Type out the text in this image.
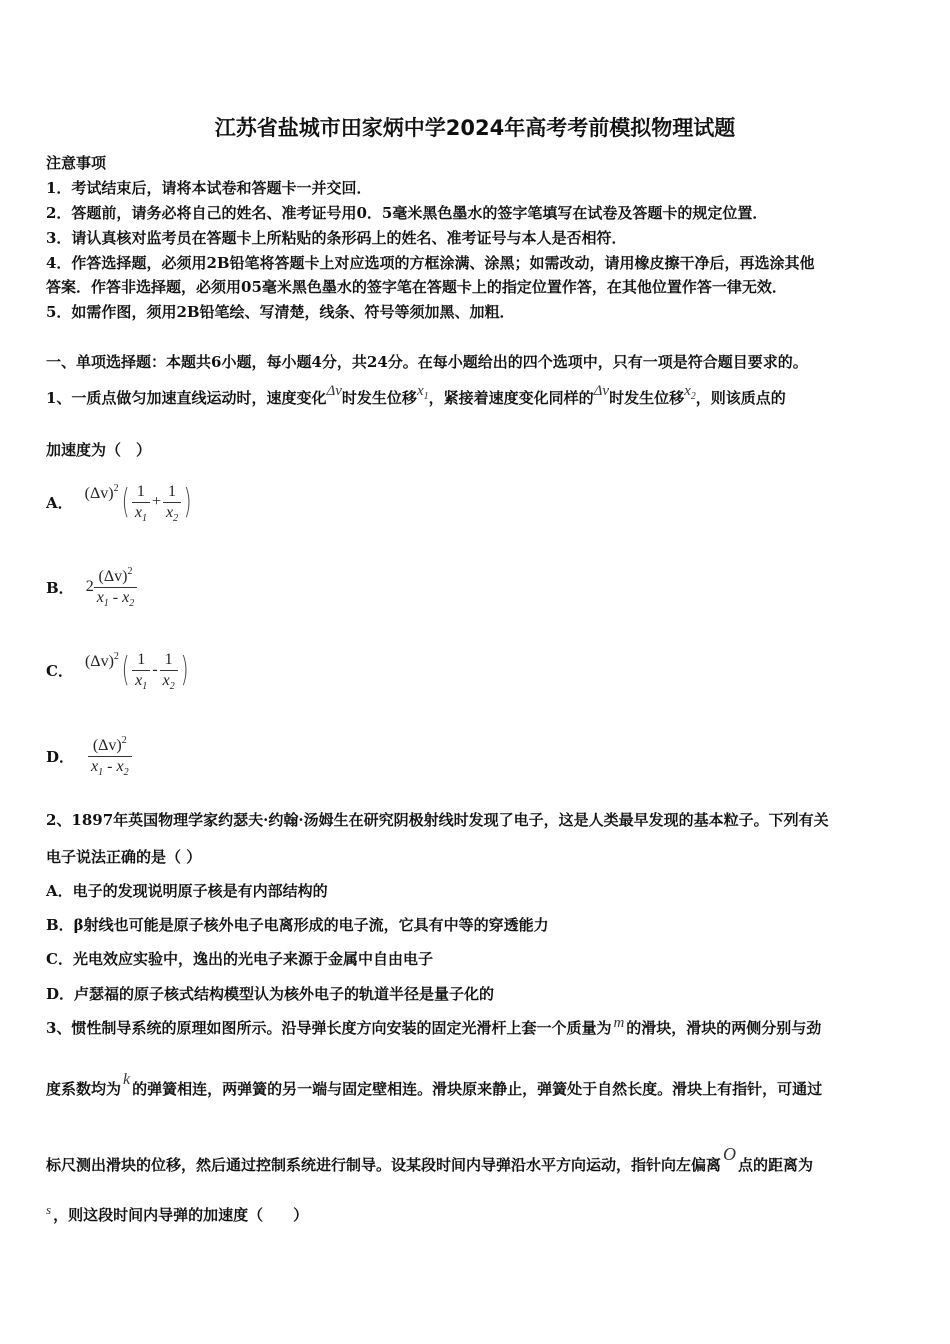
江苏省盐城市田家炳中学2024年高考考前模拟物理试题
注意事项
1．考试结束后，请将本试卷和答题卡一并交回．
2．答题前，请务必将自己的姓名、准考证号用0．5毫米黑色墨水的签字笔填写在试卷及答题卡的规定位置．
3．请认真核对监考员在答题卡上所粘贴的条形码上的姓名、准考证号与本人是否相符．
4．作答选择题，必须用2B铅笔将答题卡上对应选项的方框涂满、涂黑；如需改动，请用橡皮擦干净后，再选涂其他
答案．作答非选择题，必须用05毫米黑色墨水的签字笔在答题卡上的指定位置作答，在其他位置作答一律无效．
5．如需作图，须用2B铅笔绘、写清楚，线条、符号等须加黑、加粗．
一、单项选择题：本题共6小题，每小题4分，共24分。在每小题给出的四个选项中，只有一项是符合题目要求的。
1、一质点做匀加速直线运动时，速度变化Δv时发生位移$x_1$，紧接着速度变化同样的Δv时发生位移$x_2$，则该质点的
加速度为（　）
A． $(\Delta v)^2$ ( $\frac{1}{x_1} + \frac{1}{x_2}$ )
B． $2 \frac{(\Delta v)^2}{x_1 - x_2}$
C． $(\Delta v)^2$ ( $\frac{1}{x_1} - \frac{1}{x_2}$ )
D． $\frac{(\Delta v)^2}{x_1 - x_2}$
2、1897年英国物理学家约瑟夫·约翰·汤姆生在研究阴极射线时发现了电子，这是人类最早发现的基本粒子。下列有关
电子说法正确的是（ ）
A．电子的发现说明原子核是有内部结构的
B．β射线也可能是原子核外电子电离形成的电子流，它具有中等的穿透能力
C．光电效应实验中，逸出的光电子来源于金属中自由电子
D．卢瑟福的原子核式结构模型认为核外电子的轨道半径是量子化的
3、惯性制导系统的原理如图所示。沿导弹长度方向安装的固定光滑杆上套一个质量为 m 的滑块，滑块的两侧分别与劲
度系数均为k的弹簧相连，两弹簧的另一端与固定壁相连。滑块原来静止，弹簧处于自然长度。滑块上有指针，可通过
标尺测出滑块的位移，然后通过控制系统进行制导。设某段时间内导弹沿水平方向运动，指针向左偏离O点的距离为
s ，则这段时间内导弹的加速度（　　）
